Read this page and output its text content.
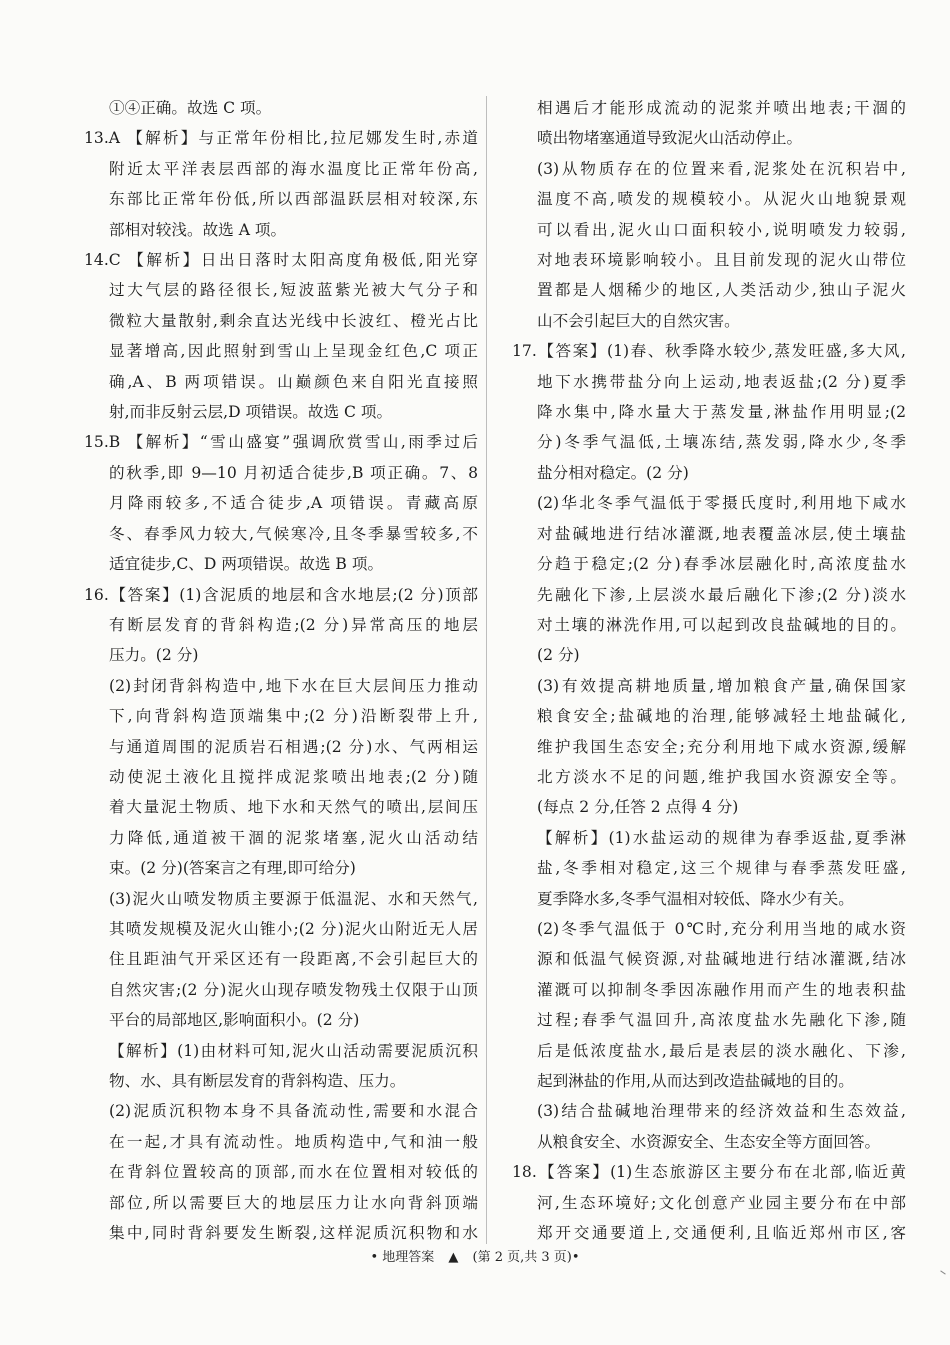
①④正确。故选 C 项。
13.A 【解析】与正常年份相比,拉尼娜发生时,赤道
附近太平洋表层西部的海水温度比正常年份高,
东部比正常年份低,所以西部温跃层相对较深,东
部相对较浅。故选 A 项。
14.C 【解析】日出日落时太阳高度角极低,阳光穿
过大气层的路径很长,短波蓝紫光被大气分子和
微粒大量散射,剩余直达光线中长波红、橙光占比
显著增高,因此照射到雪山上呈现金红色,C 项正
确,A、B 两项错误。山巅颜色来自阳光直接照
射,而非反射云层,D 项错误。故选 C 项。
15.B 【解析】“雪山盛宴”强调欣赏雪山,雨季过后
的秋季,即 9—10 月初适合徒步,B 项正确。7、8
月降雨较多,不适合徒步,A 项错误。青藏高原
冬、春季风力较大,气候寒冷,且冬季暴雪较多,不
适宜徒步,C、D 两项错误。故选 B 项。
16.【答案】(1)含泥质的地层和含水地层;(2 分)顶部
有断层发育的背斜构造;(2 分)异常高压的地层
压力。(2 分)
(2)封闭背斜构造中,地下水在巨大层间压力推动
下,向背斜构造顶端集中;(2 分)沿断裂带上升,
与通道周围的泥质岩石相遇;(2 分)水、气两相运
动使泥土液化且搅拌成泥浆喷出地表;(2 分)随
着大量泥土物质、地下水和天然气的喷出,层间压
力降低,通道被干涸的泥浆堵塞,泥火山活动结
束。(2 分)(答案言之有理,即可给分)
(3)泥火山喷发物质主要源于低温泥、水和天然气,
其喷发规模及泥火山锥小;(2 分)泥火山附近无人居
住且距油气开采区还有一段距离,不会引起巨大的
自然灾害;(2 分)泥火山现存喷发物残土仅限于山顶
平台的局部地区,影响面积小。(2 分)
【解析】(1)由材料可知,泥火山活动需要泥质沉积
物、水、具有断层发育的背斜构造、压力。
(2)泥质沉积物本身不具备流动性,需要和水混合
在一起,才具有流动性。地质构造中,气和油一般
在背斜位置较高的顶部,而水在位置相对较低的
部位,所以需要巨大的地层压力让水向背斜顶端
集中,同时背斜要发生断裂,这样泥质沉积物和水
相遇后才能形成流动的泥浆并喷出地表;干涸的
喷出物堵塞通道导致泥火山活动停止。
(3)从物质存在的位置来看,泥浆处在沉积岩中,
温度不高,喷发的规模较小。从泥火山地貌景观
可以看出,泥火山口面积较小,说明喷发力较弱,
对地表环境影响较小。且目前发现的泥火山带位
置都是人烟稀少的地区,人类活动少,独山子泥火
山不会引起巨大的自然灾害。
17.【答案】(1)春、秋季降水较少,蒸发旺盛,多大风,
地下水携带盐分向上运动,地表返盐;(2 分)夏季
降水集中,降水量大于蒸发量,淋盐作用明显;(2
分)冬季气温低,土壤冻结,蒸发弱,降水少,冬季
盐分相对稳定。(2 分)
(2)华北冬季气温低于零摄氏度时,利用地下咸水
对盐碱地进行结冰灌溉,地表覆盖冰层,使土壤盐
分趋于稳定;(2 分)春季冰层融化时,高浓度盐水
先融化下渗,上层淡水最后融化下渗;(2 分)淡水
对土壤的淋洗作用,可以起到改良盐碱地的目的。
(2 分)
(3)有效提高耕地质量,增加粮食产量,确保国家
粮食安全;盐碱地的治理,能够减轻土地盐碱化,
维护我国生态安全;充分利用地下咸水资源,缓解
北方淡水不足的问题,维护我国水资源安全等。
(每点 2 分,任答 2 点得 4 分)
【解析】(1)水盐运动的规律为春季返盐,夏季淋
盐,冬季相对稳定,这三个规律与春季蒸发旺盛,
夏季降水多,冬季气温相对较低、降水少有关。
(2)冬季气温低于 0℃时,充分利用当地的咸水资
源和低温气候资源,对盐碱地进行结冰灌溉,结冰
灌溉可以抑制冬季因冻融作用而产生的地表积盐
过程;春季气温回升,高浓度盐水先融化下渗,随
后是低浓度盐水,最后是表层的淡水融化、下渗,
起到淋盐的作用,从而达到改造盐碱地的目的。
(3)结合盐碱地治理带来的经济效益和生态效益,
从粮食安全、水资源安全、生态安全等方面回答。
18.【答案】(1)生态旅游区主要分布在北部,临近黄
河,生态环境好;文化创意产业园主要分布在中部
郑开交通要道上,交通便利,且临近郑州市区,客
• 地理答案 ▲ (第 2 页,共 3 页)•
